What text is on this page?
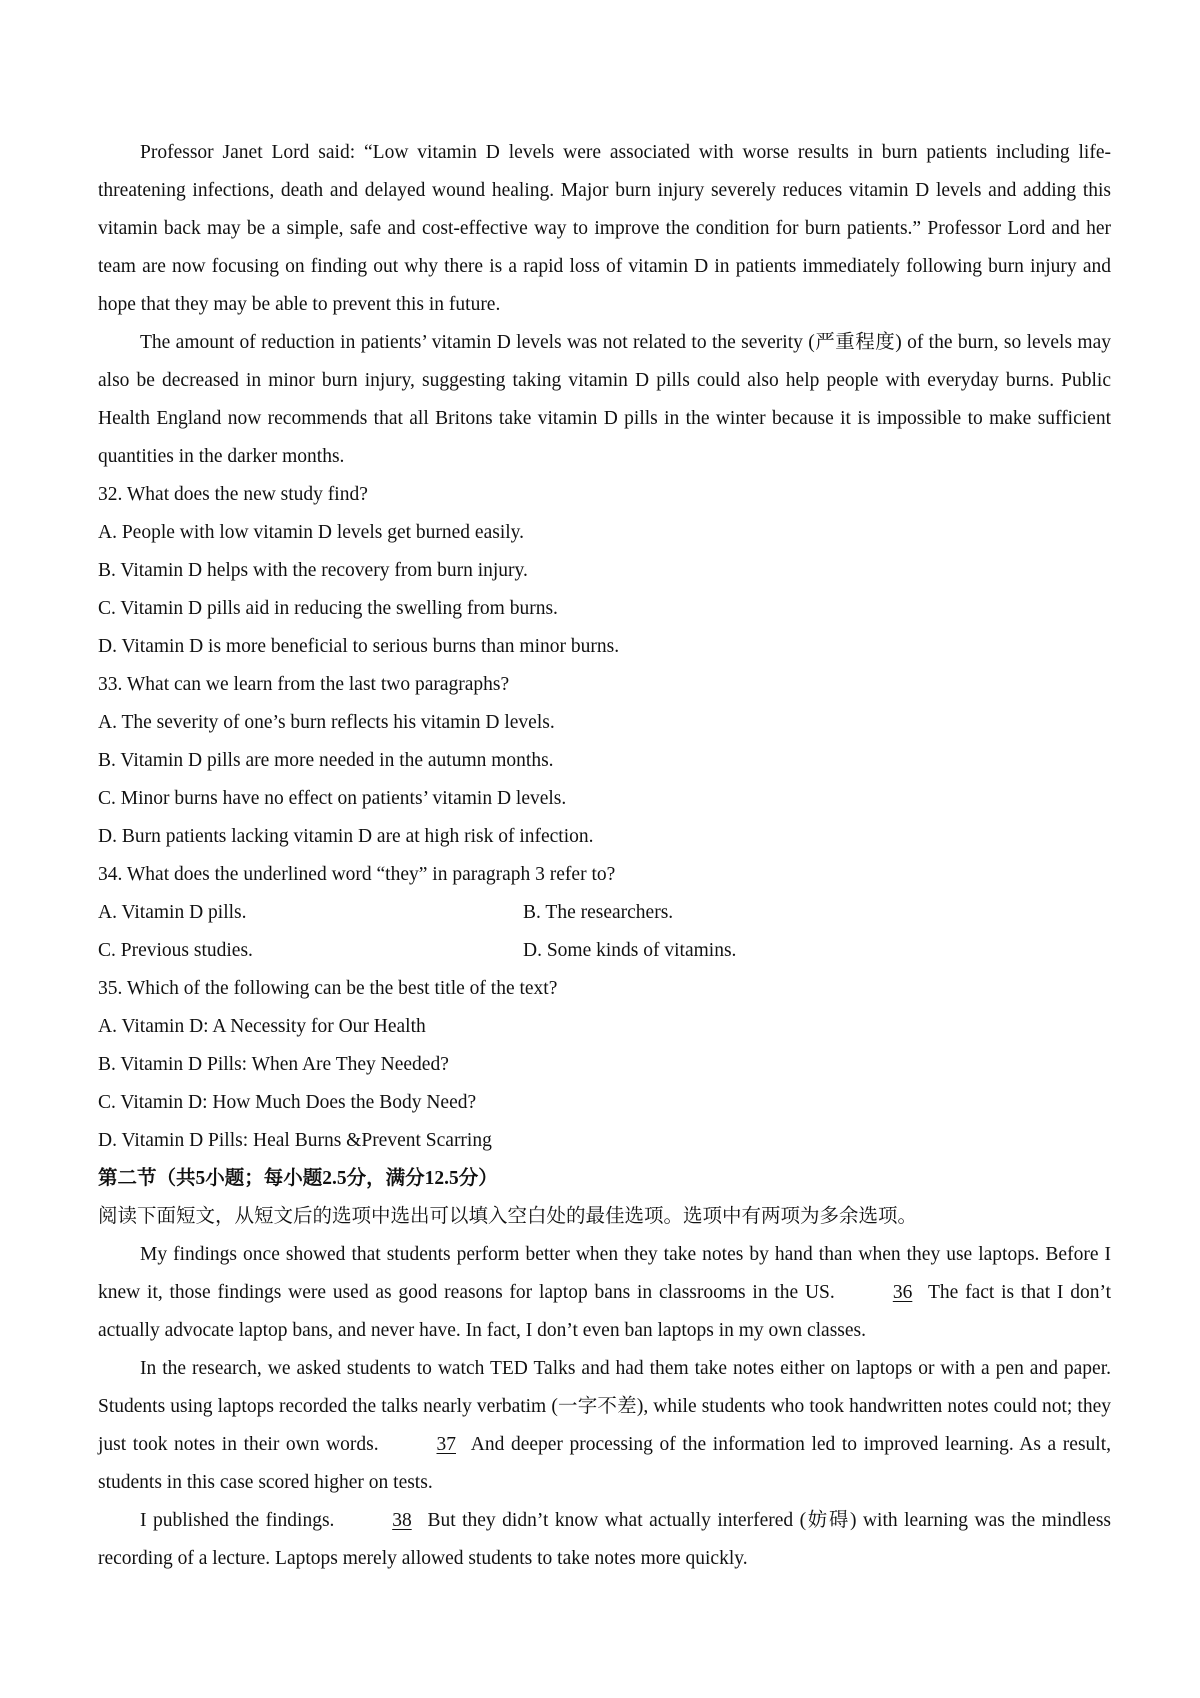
Professor Janet Lord said: “Low vitamin D levels were associated with worse results in burn patients including life-threatening infections, death and delayed wound healing. Major burn injury severely reduces vitamin D levels and adding this vitamin back may be a simple, safe and cost-effective way to improve the condition for burn patients.” Professor Lord and her team are now focusing on finding out why there is a rapid loss of vitamin D in patients immediately following burn injury and hope that they may be able to prevent this in future.
The amount of reduction in patients’ vitamin D levels was not related to the severity (严重程度) of the burn, so levels may also be decreased in minor burn injury, suggesting taking vitamin D pills could also help people with everyday burns. Public Health England now recommends that all Britons take vitamin D pills in the winter because it is impossible to make sufficient quantities in the darker months.
32. What does the new study find?
A. People with low vitamin D levels get burned easily.
B. Vitamin D helps with the recovery from burn injury.
C. Vitamin D pills aid in reducing the swelling from burns.
D. Vitamin D is more beneficial to serious burns than minor burns.
33. What can we learn from the last two paragraphs?
A. The severity of one’s burn reflects his vitamin D levels.
B. Vitamin D pills are more needed in the autumn months.
C. Minor burns have no effect on patients’ vitamin D levels.
D. Burn patients lacking vitamin D are at high risk of infection.
34. What does the underlined word “they” in paragraph 3 refer to?
A. Vitamin D pills.	B. The researchers.
C. Previous studies.	D. Some kinds of vitamins.
35. Which of the following can be the best title of the text?
A. Vitamin D: A Necessity for Our Health
B. Vitamin D Pills: When Are They Needed?
C. Vitamin D: How Much Does the Body Need?
D. Vitamin D Pills: Heal Burns &Prevent Scarring
第二节（共5小题；每小题2.5分，满分12.5分）
阅读下面短文，从短文后的选项中选出可以填入空白处的最佳选项。选项中有两项为多余选项。
My findings once showed that students perform better when they take notes by hand than when they use laptops. Before I knew it, those findings were used as good reasons for laptop bans in classrooms in the US.	36 The fact is that I don’t actually advocate laptop bans, and never have. In fact, I don’t even ban laptops in my own classes.
In the research, we asked students to watch TED Talks and had them take notes either on laptops or with a pen and paper. Students using laptops recorded the talks nearly verbatim (一字不差), while students who took handwritten notes could not; they just took notes in their own words.	37 And deeper processing of the information led to improved learning. As a result, students in this case scored higher on tests.
I published the findings.	38 But they didn’t know what actually interfered (妨碍) with learning was the mindless recording of a lecture. Laptops merely allowed students to take notes more quickly.
